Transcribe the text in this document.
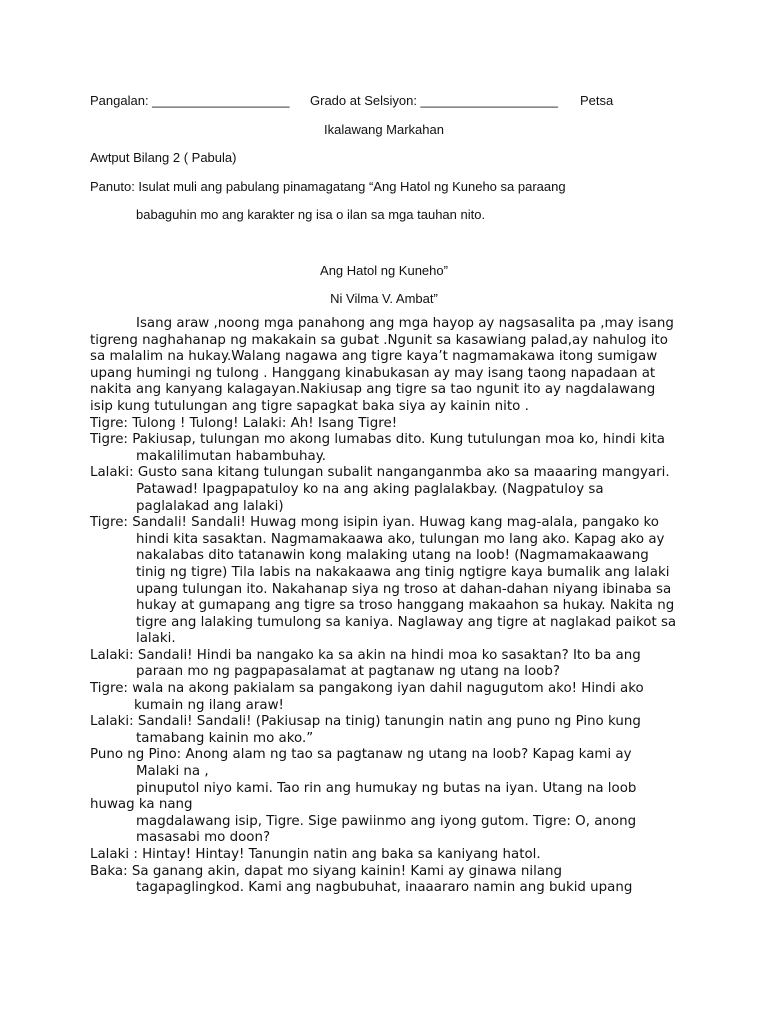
Pangalan: ___________________ Grado at Selsiyon: ___________________ Petsa
Ikalawang Markahan
Awtput Bilang 2 ( Pabula)
Panuto: Isulat muli ang pabulang pinamagatang “Ang Hatol ng Kuneho sa paraang
babaguhin mo ang karakter ng isa o ilan sa mga tauhan nito.
Ang Hatol ng Kuneho”
Ni Vilma V. Ambat”

Isang araw ,noong mga panahong ang mga hayop ay nagsasalita pa ,may isang tigreng naghahanap ng makakain sa gubat .Ngunit sa kasawiang palad,ay nahulog ito sa malalim na hukay.Walang nagawa ang tigre kaya’t nagmamakawa itong sumigaw upang humingi ng tulong . Hanggang kinabukasan ay may isang taong napadaan at nakita ang kanyang kalagayan.Nakiusap ang tigre sa tao ngunit ito ay nagdalawang isip kung tutulungan ang tigre sapagkat baka siya ay kainin nito .

Tigre: Tulong ! Tulong! Lalaki: Ah! Isang Tigre!

Tigre: Pakiusap, tulungan mo akong lumabas dito. Kung tutulungan moa ko, hindi kita makalilimutan habambuhay.

Lalaki: Gusto sana kitang tulungan subalit nanganganmba ako sa maaaring mangyari. Patawad! Ipagpapatuloy ko na ang aking paglalakbay. (Nagpatuloy sa paglalakad ang lalaki)

Tigre: Sandali! Sandali! Huwag mong isipin iyan. Huwag kang mag-alala, pangako ko hindi kita sasaktan. Nagmamakaawa ako, tulungan mo lang ako. Kapag ako ay nakalabas dito tatanawin kong malaking utang na loob! (Nagmamakaawang tinig ng tigre) Tila labis na nakakaawa ang tinig ngtigre kaya bumalik ang lalaki upang tulungan ito. Nakahanap siya ng troso at dahan-dahan niyang ibinaba sa hukay at gumapang ang tigre sa troso hanggang makaahon sa hukay. Nakita ng tigre ang lalaking tumulong sa kaniya. Naglaway ang tigre at naglakad paikot sa lalaki.

Lalaki: Sandali! Hindi ba nangako ka sa akin na hindi moa ko sasaktan? Ito ba ang paraan mo ng pagpapasalamat at pagtanaw ng utang na loob?

Tigre: wala na akong pakialam sa pangakong iyan dahil nagugutom ako! Hindi ako
kumain ng ilang araw!

Lalaki: Sandali! Sandali! (Pakiusap na tinig) tanungin natin ang puno ng Pino kung tamabang kainin mo ako.”

Puno ng Pino: Anong alam ng tao sa pagtanaw ng utang na loob? Kapag kami ay

Malaki na ,

pinuputol niyo kami. Tao rin ang humukay ng butas na iyan. Utang na loob

huwag ka nang

magdalawang isip, Tigre. Sige pawiinmo ang iyong gutom. Tigre: O, anong

masasabi mo doon?

Lalaki : Hintay! Hintay! Tanungin natin ang baka sa kaniyang hatol.

Baka: Sa ganang akin, dapat mo siyang kainin! Kami ay ginawa nilang

tagapaglingkod. Kami ang nagbubuhat, inaaararo namin ang bukid upang
